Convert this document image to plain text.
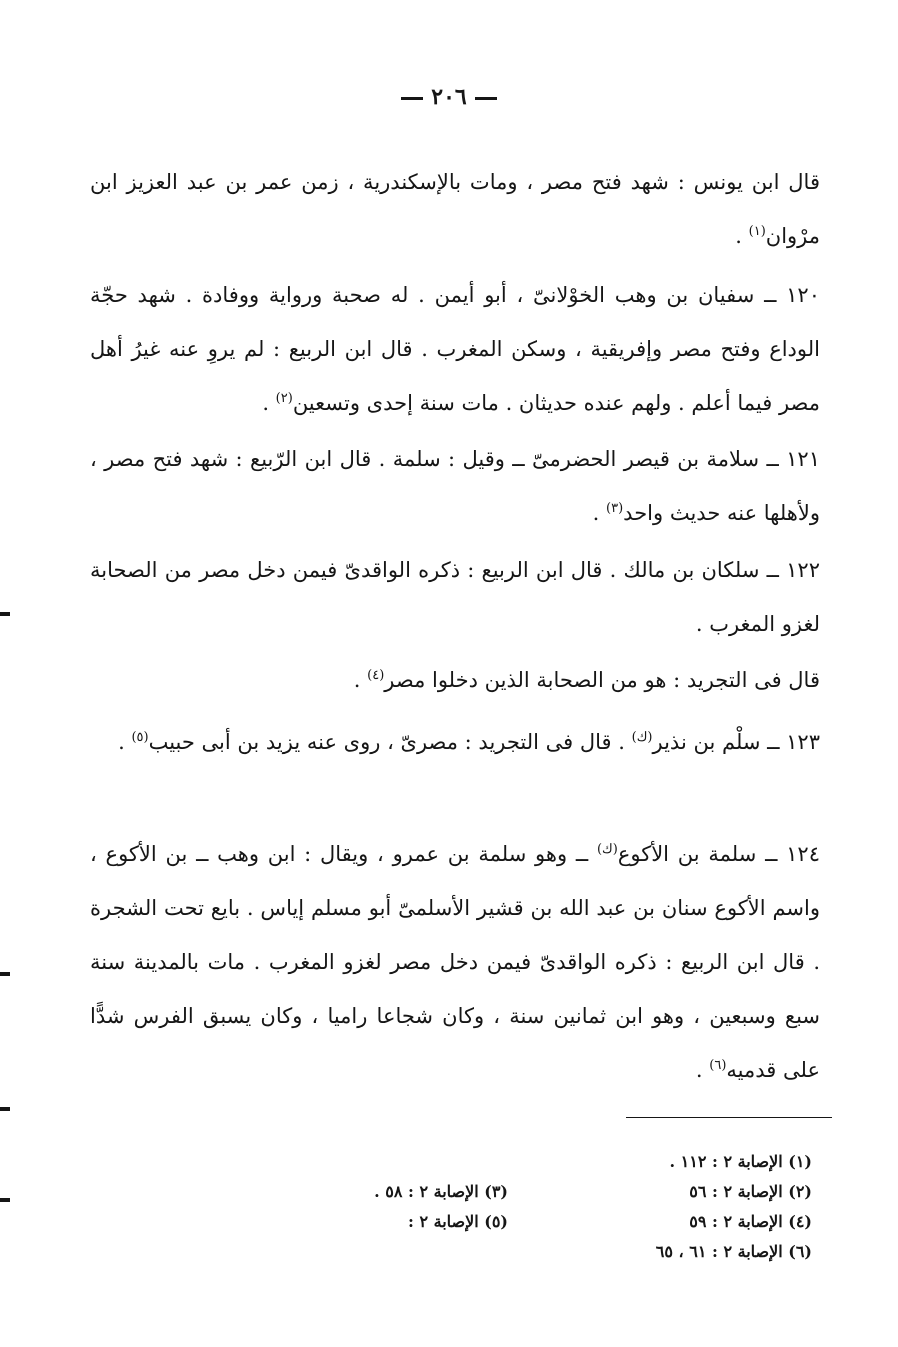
٢٠٦
قال ابن يونس : شهد فتح مصر ، ومات بالإسكندرية ، زمن عمر بن عبد العزيز ابن مرْوان$^{(١)}$ .
١٢٠ ــ سفيان بن وهب الخوْلانىّ ، أبو أيمن . له صحبة ورواية ووفادة . شهد حجّة الوداع وفتح مصر وإفريقية ، وسكن المغرب . قال ابن الربيع : لم يروِ عنه غيرُ أهل مصر فيما أعلم . ولهم عنده حديثان . مات سنة إحدى وتسعين$^{(٢)}$ .
١٢١ ــ سلامة بن قيصر الحضرمىّ ــ وقيل : سلمة . قال ابن الرّبيع : شهد فتح مصر ، ولأهلها عنه حديث واحد$^{(٣)}$ .
١٢٢ ــ سلكان بن مالك . قال ابن الربيع : ذكره الواقدىّ فيمن دخل مصر من الصحابة لغزو المغرب .
قال فى التجريد : هو من الصحابة الذين دخلوا مصر$^{(٤)}$ .
١٢٣ ــ سلْم بن نذير$^{(ك)}$ . قال فى التجريد : مصرىّ ، روى عنه يزيد بن أبى حبيب$^{(٥)}$ .
١٢٤ ــ سلمة بن الأكوع$^{(ك)}$ ــ وهو سلمة بن عمرو ، ويقال : ابن وهب ــ بن الأكوع ، واسم الأكوع سنان بن عبد الله بن قشير الأسلمىّ أبو مسلم إياس . بايع تحت الشجرة . قال ابن الربيع : ذكره الواقدىّ فيمن دخل مصر لغزو المغرب . مات بالمدينة سنة سبع وسبعين ، وهو ابن ثمانين سنة ، وكان شجاعا راميا ، وكان يسبق الفرس شدًّا على قدميه$^{(٦)}$ .
(١) الإصابة ٢ : ١١٢ .
(٢) الإصابة ٢ : ٥٦
(٣) الإصابة ٢ : ٥٨ .
(٤) الإصابة ٢ : ٥٩
(٥) الإصابة ٢ :
(٦) الإصابة ٢ : ٦١ ، ٦٥
